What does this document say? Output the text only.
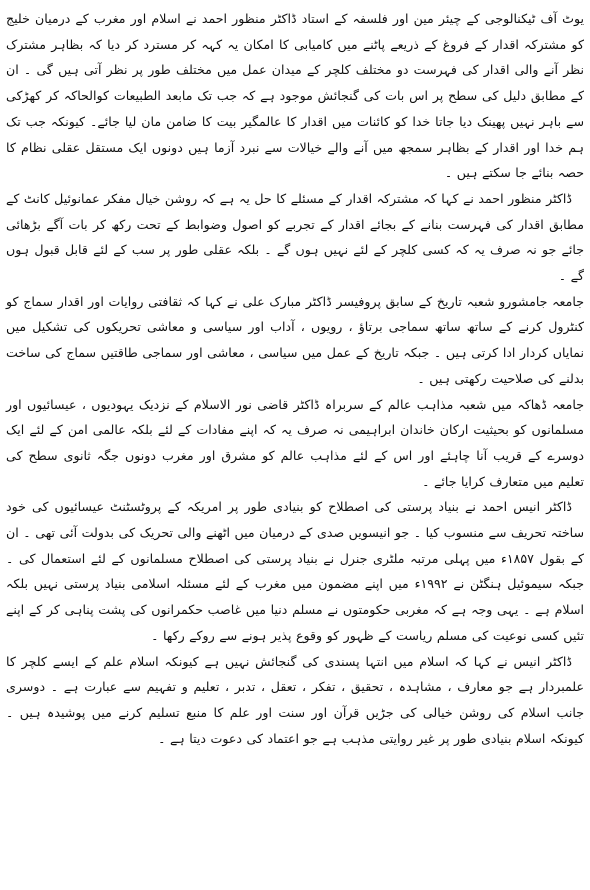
یوٹ آف ٹیکنالوجی کے چیئر مین اور فلسفہ کے استاد ڈاکٹر منظور احمد نے اسلام اور مغرب کے درمیان خلیج کو مشترکہ اقدار کے فروغ کے ذریعے پاٹنے میں کامیابی کا امکان یہ کہہ کر مسترد کر دیا کہ بظاہر مشترک نظر آنے والی اقدار کی فہرست دو مختلف کلچر کے میدان عمل میں مختلف طور پر نظر آتی ہیں گی ۔ ان کے مطابق دلیل کی سطح پر اس بات کی گنجائش موجود ہے کہ جب تک مابعد الطبیعات کوالحاکہ کر کھڑکی سے باہر نہیں پھینک دیا جاتا خدا کو کائنات میں اقدار کا عالمگیر بیت کا ضامن مان لیا جائے۔ کیونکہ جب تک ہم خدا اور اقدار کے بظاہر سمجھ میں آنے والے خیالات سے نبرد آزما ہیں دونوں ایک مستقل عقلی نظام کا حصہ بنائے جا سکتے ہیں ۔

ڈاکٹر منظور احمد نے کہا کہ مشترکہ اقدار کے مسئلے کا حل یہ ہے کہ روشن خیال مفکر عمانوئیل کانٹ کے مطابق اقدار کی فہرست بنانے کے بجائے اقدار کے تجربے کو اصول وضوابط کے تحت رکھ کر بات آگے بڑھائی جائے جو نہ صرف یہ کہ کسی کلچر کے لئے نہیں ہوں گے ۔ بلکہ عقلی طور پر سب کے لئے قابل قبول ہوں گے ۔

جامعہ جامشورو شعبہ تاریخ کے سابق پروفیسر ڈاکٹر مبارک علی نے کہا کہ ثقافتی روایات اور اقدار سماج کو کنٹرول کرنے کے ساتھ ساتھ سماجی برتاؤ ، رویوں ، آداب اور سیاسی و معاشی تحریکوں کی تشکیل میں نمایاں کردار ادا کرتی ہیں ۔ جبکہ تاریخ کے عمل میں سیاسی ، معاشی اور سماجی طاقتیں سماج کی ساخت بدلنے کی صلاحیت رکھتی ہیں ۔

جامعہ ڈھاکہ میں شعبہ مذاہب عالم کے سربراہ ڈاکٹر قاضی نور الاسلام کے نزدیک یہودیوں ، عیسائیوں اور مسلمانوں کو بحیثیت ارکان خاندان ابراہیمی نہ صرف یہ کہ اپنے مفادات کے لئے بلکہ عالمی امن کے لئے ایک دوسرے کے قریب آنا چاہئے اور اس کے لئے مذاہب عالم کو مشرق اور مغرب دونوں جگہ ثانوی سطح کی تعلیم میں متعارف کرایا جائے ۔

ڈاکٹر انیس احمد نے بنیاد پرستی کی اصطلاح کو بنیادی طور پر امریکہ کے پروٹسٹنٹ عیسائیوں کی خود ساختہ تحریف سے منسوب کیا ۔ جو انیسویں صدی کے درمیان میں اٹھنے والی تحریک کی بدولت آئی تھی ۔ ان کے بقول ۱۸۵۷ء میں پہلی مرتبہ ملٹری جنرل نے بنیاد پرستی کی اصطلاح مسلمانوں کے لئے استعمال کی ۔ جبکہ سیموئیل ہنگٹن نے ۱۹۹۲ء میں اپنے مضمون میں مغرب کے لئے مسئلہ اسلامی بنیاد پرستی نہیں بلکہ اسلام ہے ۔ یہی وجہ ہے کہ مغربی حکومتوں نے مسلم دنیا میں غاصب حکمرانوں کی پشت پناہی کر کے اپنے تئیں کسی نوعیت کی مسلم ریاست کے ظہور کو وقوع پذیر ہونے سے روکے رکھا ۔

ڈاکٹر انیس نے کہا کہ اسلام میں انتہا پسندی کی گنجائش نہیں ہے کیونکہ اسلام علم کے ایسے کلچر کا علمبردار ہے جو معارف ، مشاہدہ ، تحقیق ، تفکر ، تعقل ، تدبر ، تعلیم و تفہیم سے عبارت ہے ۔ دوسری جانب اسلام کی روشن خیالی کی جڑیں قرآن اور سنت اور علم کا منبع تسلیم کرنے میں پوشیدہ ہیں ۔ کیونکہ اسلام بنیادی طور پر غیر روایتی مذہب ہے جو اعتماد کی دعوت دیتا ہے ۔
